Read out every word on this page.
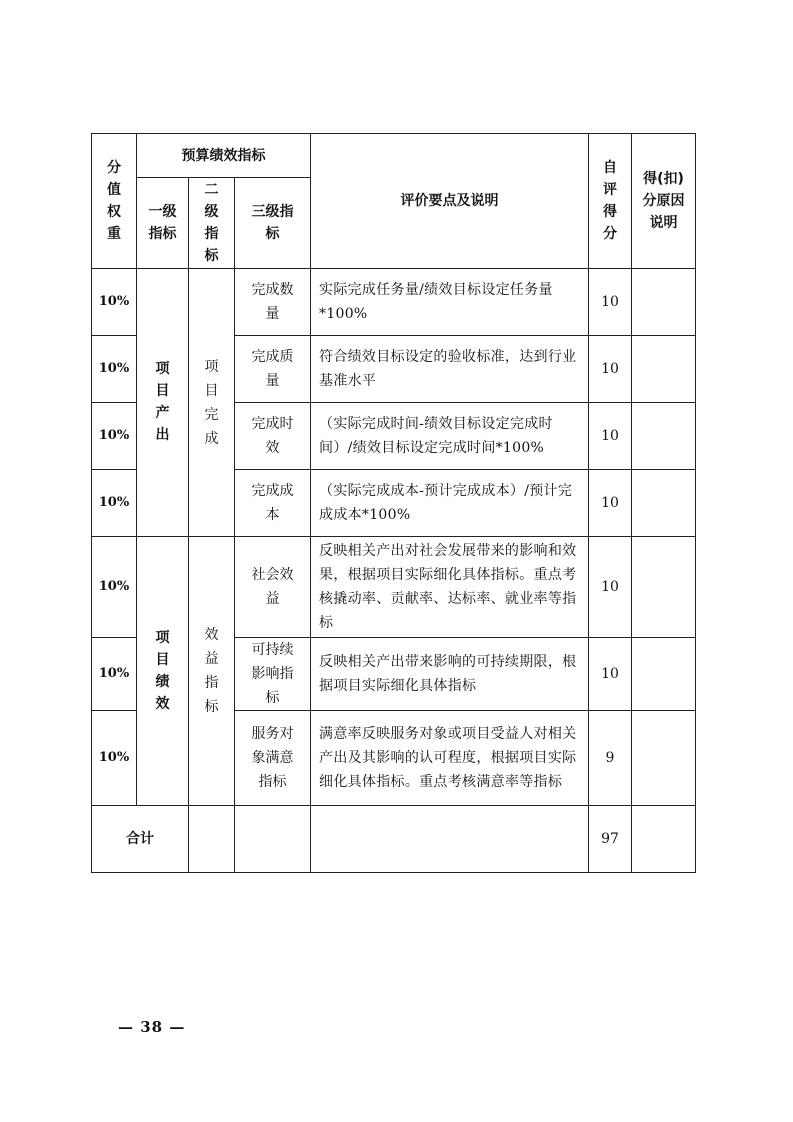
分值权重	预算绩效指标			评价要点及说明	自评得分	得(扣)分原因说明
	一级指标	二级指标	三级指标			
10%	项目产出	项目完成	完成数量	实际完成任务量/绩效目标设定任务量*100%	10	
10%			完成质量	符合绩效目标设定的验收标准，达到行业基准水平	10	
10%			完成时效	（实际完成时间-绩效目标设定完成时间）/绩效目标设定完成时间*100%	10	
10%			完成成本	（实际完成成本-预计完成成本）/预计完成成本*100%	10	
10%	项目绩效	效益指标	社会效益	反映相关产出对社会发展带来的影响和效果，根据项目实际细化具体指标。重点考核撬动率、贡献率、达标率、就业率等指标	10	
10%			可持续影响指标	反映相关产出带来影响的可持续期限，根据项目实际细化具体指标	10	
10%			服务对象满意指标	满意率反映服务对象或项目受益人对相关产出及其影响的认可程度，根据项目实际细化具体指标。重点考核满意率等指标	9	
合计					97	
— 38 —
